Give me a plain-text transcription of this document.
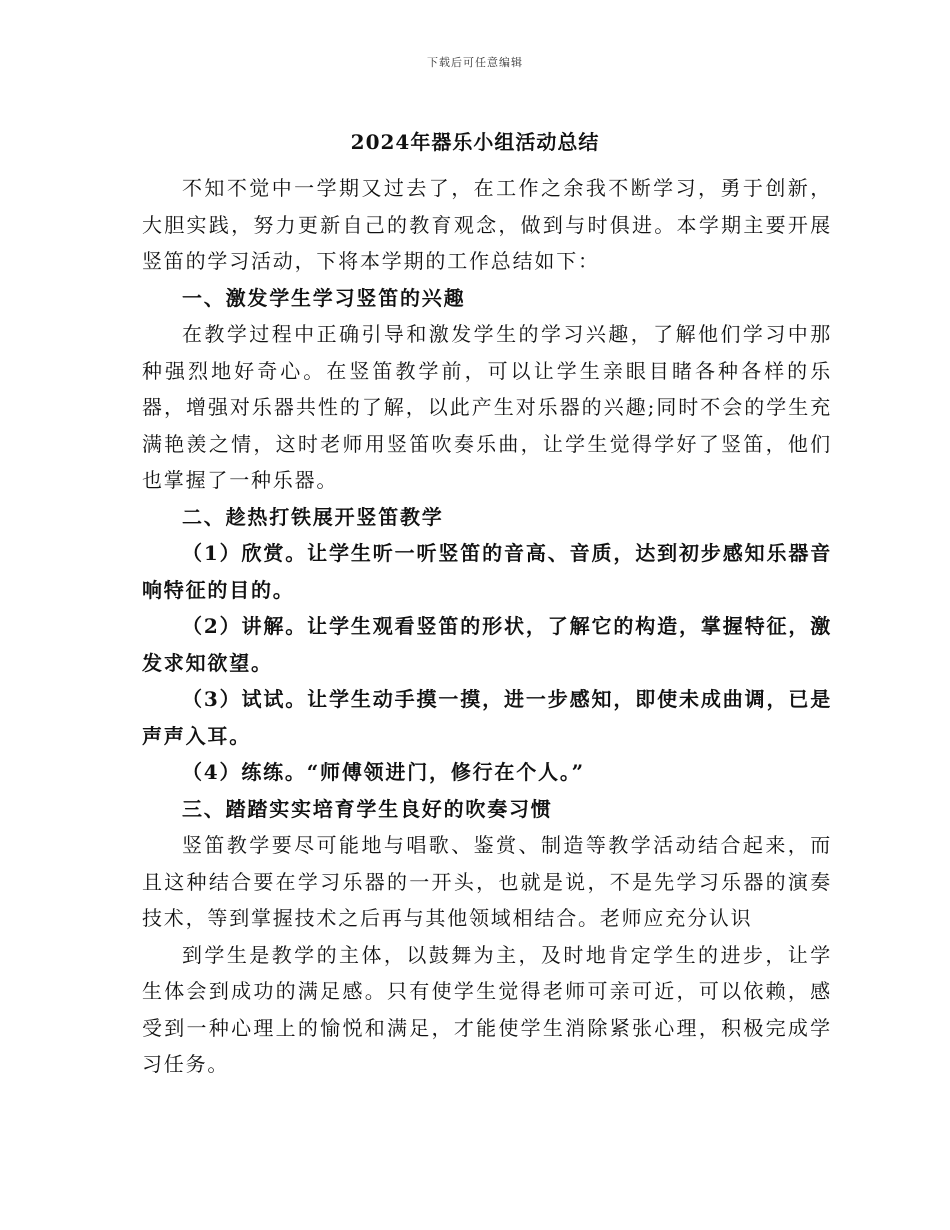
下载后可任意编辑
2024年器乐小组活动总结

不知不觉中一学期又过去了，在工作之余我不断学习，勇于创新，大胆实践，努力更新自己的教育观念，做到与时俱进。本学期主要开展竖笛的学习活动，下将本学期的工作总结如下：

一、激发学生学习竖笛的兴趣

在教学过程中正确引导和激发学生的学习兴趣，了解他们学习中那种强烈地好奇心。在竖笛教学前，可以让学生亲眼目睹各种各样的乐器，增强对乐器共性的了解，以此产生对乐器的兴趣;同时不会的学生充满艳羡之情，这时老师用竖笛吹奏乐曲，让学生觉得学好了竖笛，他们也掌握了一种乐器。

二、趁热打铁展开竖笛教学

（1）欣赏。让学生听一听竖笛的音高、音质，达到初步感知乐器音响特征的目的。

（2）讲解。让学生观看竖笛的形状，了解它的构造，掌握特征，激发求知欲望。

（3）试试。让学生动手摸一摸，进一步感知，即使未成曲调，已是声声入耳。

（4）练练。“师傅领进门，修行在个人。”

三、踏踏实实培育学生良好的吹奏习惯

竖笛教学要尽可能地与唱歌、鉴赏、制造等教学活动结合起来，而且这种结合要在学习乐器的一开头，也就是说，不是先学习乐器的演奏技术，等到掌握技术之后再与其他领域相结合。老师应充分认识

到学生是教学的主体，以鼓舞为主，及时地肯定学生的进步，让学生体会到成功的满足感。只有使学生觉得老师可亲可近，可以依赖，感受到一种心理上的愉悦和满足，才能使学生消除紧张心理，积极完成学习任务。
